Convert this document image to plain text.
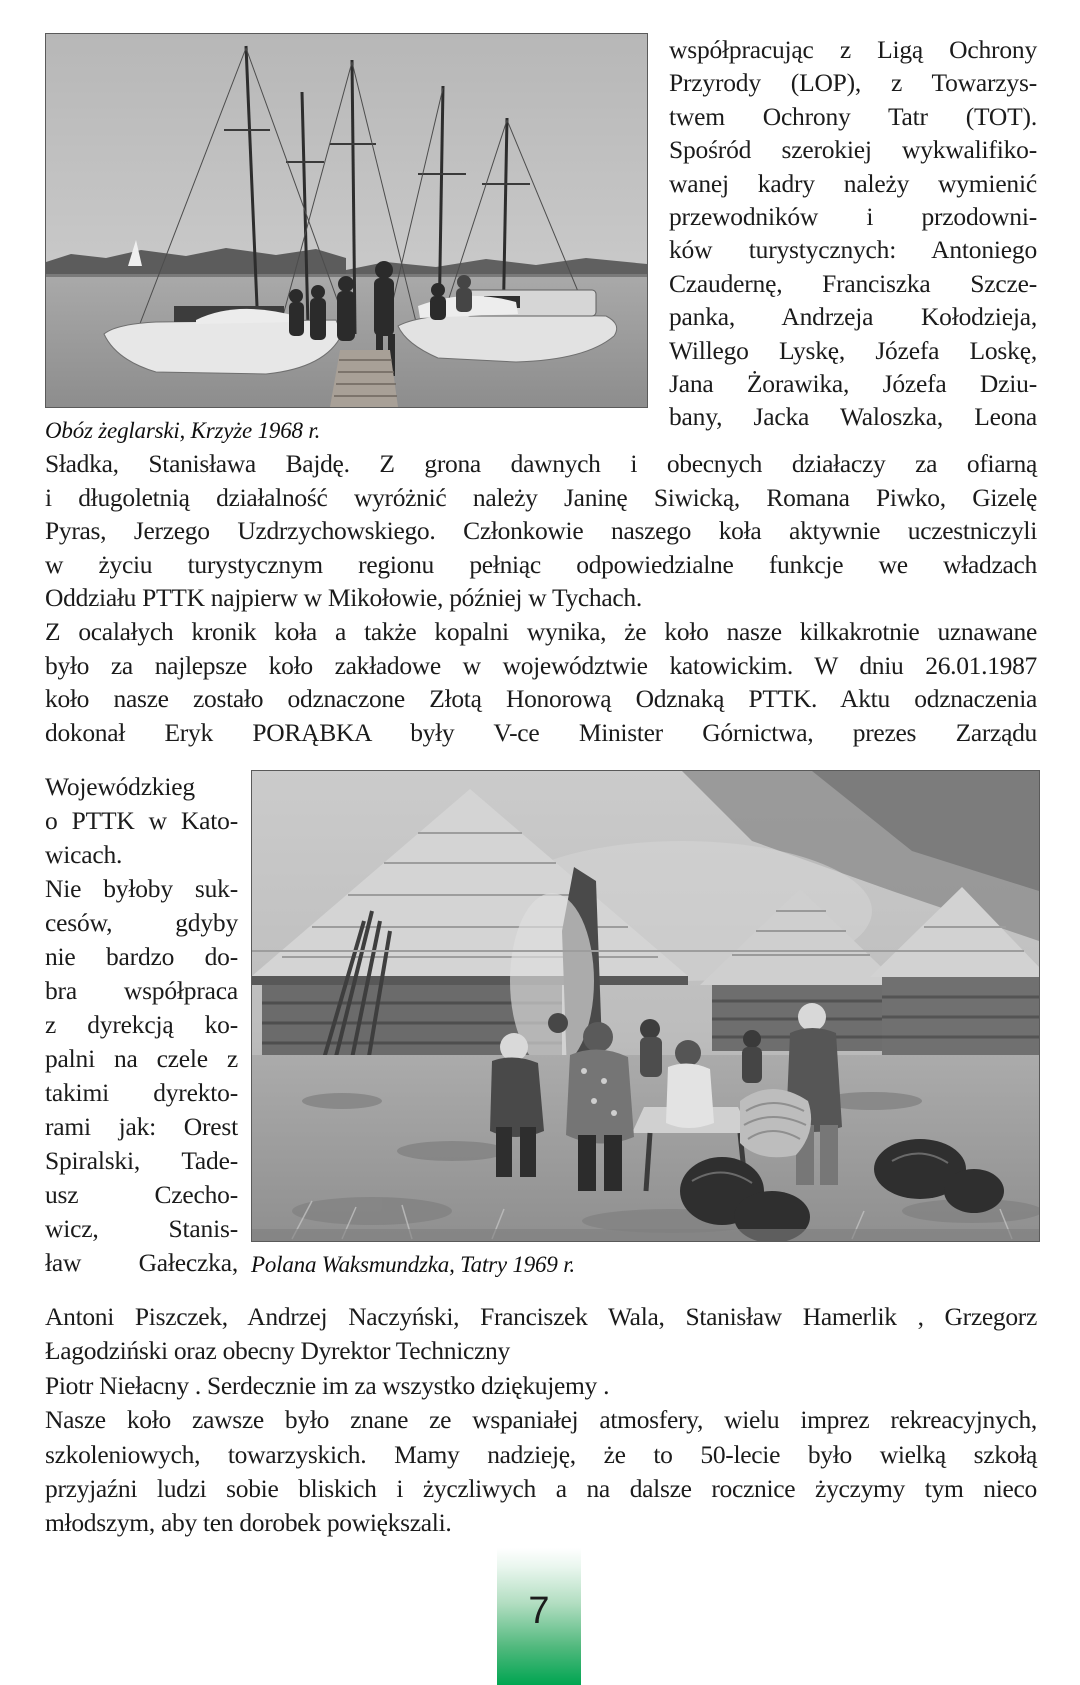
Obóz żeglarski, Krzyże 1968 r.
współpracując z Ligą Ochrony
Przyrody (LOP), z Towarzys-
twem Ochrony Tatr (TOT).
Spośród szerokiej wykwalifiko-
wanej kadry należy wymienić
przewodników i przodowni-
ków turystycznych: Antoniego
Czaudernę, Franciszka Szcze-
panka, Andrzeja Kołodzieja,
Willego Lyskę, Józefa Loskę,
Jana Żorawika, Józefa Dziu-
bany, Jacka Waloszka, Leona
Sładka, Stanisława Bajdę. Z grona dawnych i obecnych działaczy za ofiarną
i długoletnią działalność wyróżnić należy Janinę Siwicką, Romana Piwko, Gizelę
Pyras, Jerzego Uzdrzychowskiego. Członkowie naszego koła aktywnie uczestniczyli
w życiu turystycznym regionu pełniąc odpowiedzialne funkcje we władzach
Oddziału PTTK najpierw w Mikołowie, później w Tychach.
Z ocalałych kronik koła a także kopalni wynika, że koło nasze kilkakrotnie uznawane
było za najlepsze koło zakładowe w województwie katowickim. W dniu 26.01.1987
koło nasze zostało odznaczone Złotą Honorową Odznaką PTTK. Aktu odznaczenia
dokonał Eryk PORĄBKA były V-ce Minister Górnictwa, prezes Zarządu
Wojewódzkieg
o PTTK w Kato-
wicach.
Nie byłoby suk-
cesów, gdyby
nie bardzo do-
bra współpraca
z dyrekcją ko-
palni na czele z
takimi dyrekto-
rami jak: Orest
Spiralski, Tade-
usz Czecho-
wicz, Stanis-
ław Gałeczka, Polana Waksmundzka, Tatry 1969 r.
Antoni Piszczek, Andrzej Naczyński, Franciszek Wala, Stanisław Hamerlik , Grzegorz
Łagodziński oraz obecny Dyrektor Techniczny
Piotr Niełacny . Serdecznie im za wszystko dziękujemy .
Nasze koło zawsze było znane ze wspaniałej atmosfery, wielu imprez rekreacyjnych,
szkoleniowych, towarzyskich. Mamy nadzieję, że to 50-lecie było wielką szkołą
przyjaźni ludzi sobie bliskich i życzliwych a na dalsze rocznice życzymy tym nieco
młodszym, aby ten dorobek powiększali.
7
